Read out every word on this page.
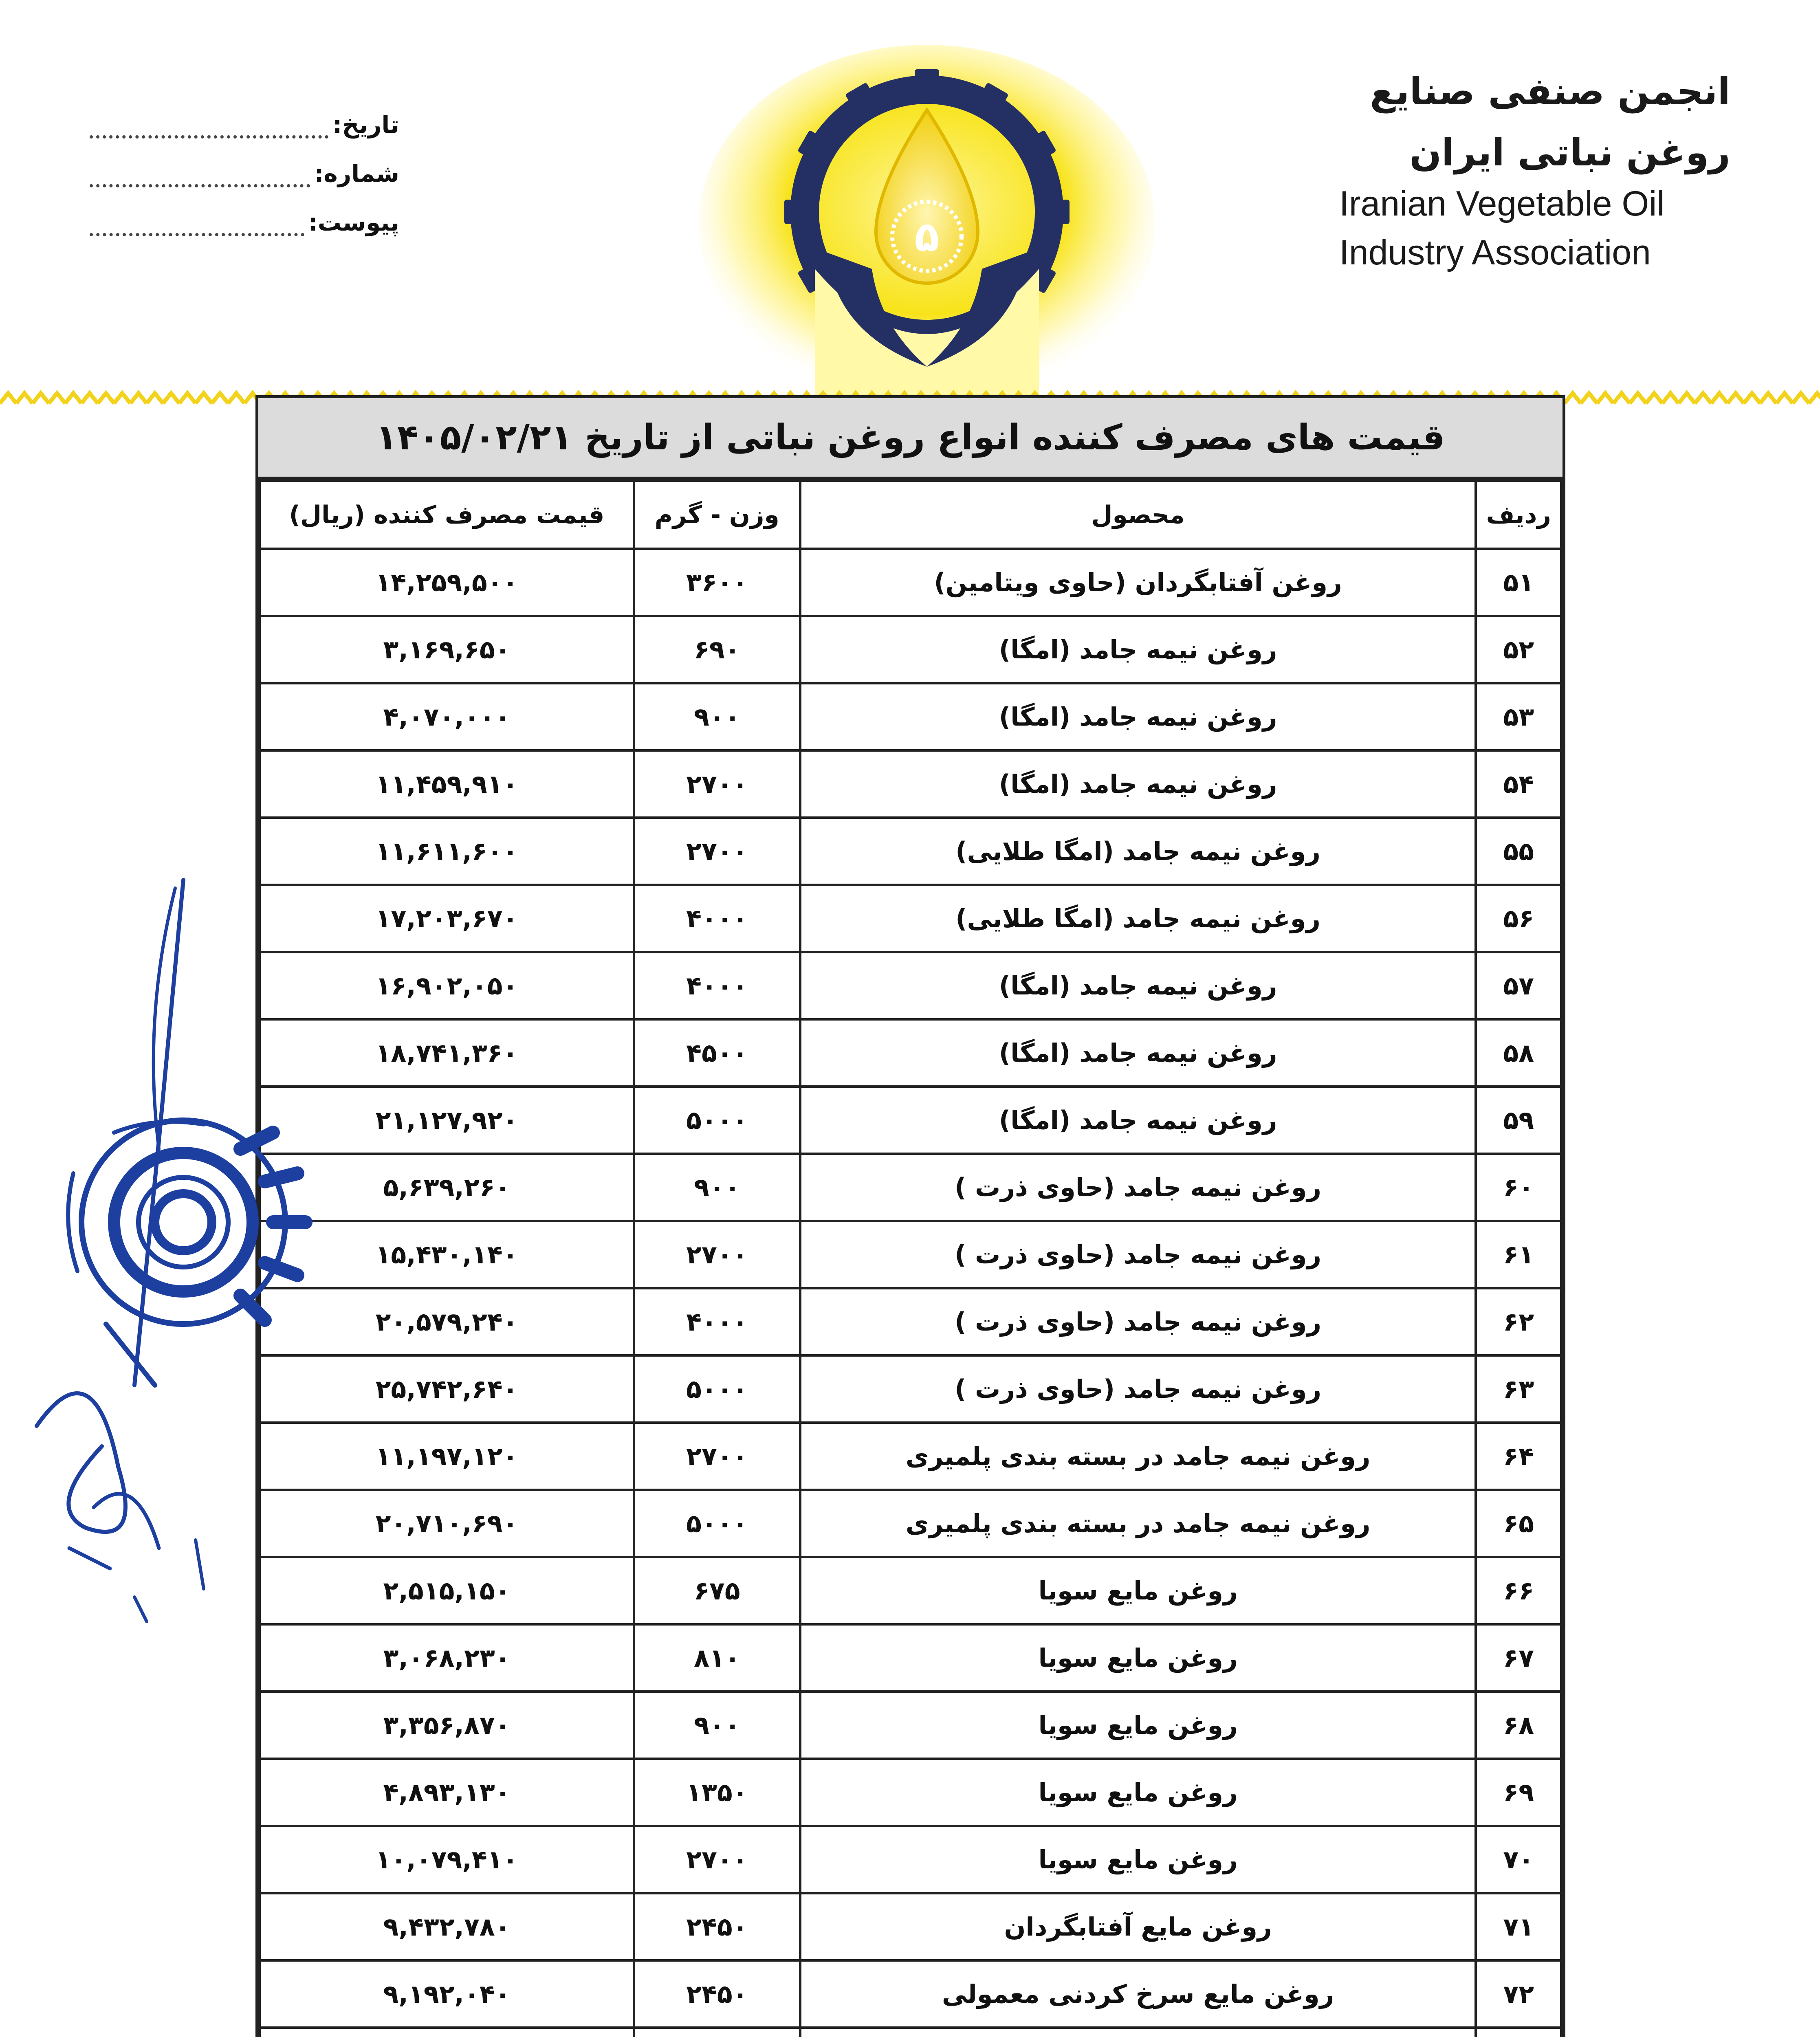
انجمن صنفی صنایع
روغن نباتی ایران
Iranian Vegetable Oil
Industry Association
تاریخ:
شماره:
پیوست:	۵
قیمت های مصرف کننده انواع روغن نباتی از تاریخ ۱۴۰۵/۰۲/۲۱
ردیف	محصول	وزن - گرم	قیمت مصرف کننده (ریال)
۵۱	روغن آفتابگردان (حاوی ویتامین)	۳۶۰۰	۱۴,۲۵۹,۵۰۰
۵۲	روغن نیمه جامد (امگا)	۶۹۰	۳,۱۶۹,۶۵۰
۵۳	روغن نیمه جامد (امگا)	۹۰۰	۴,۰۷۰,۰۰۰
۵۴	روغن نیمه جامد (امگا)	۲۷۰۰	۱۱,۴۵۹,۹۱۰
۵۵	روغن نیمه جامد (امگا طلایی)	۲۷۰۰	۱۱,۶۱۱,۶۰۰
۵۶	روغن نیمه جامد (امگا طلایی)	۴۰۰۰	۱۷,۲۰۳,۶۷۰
۵۷	روغن نیمه جامد (امگا)	۴۰۰۰	۱۶,۹۰۲,۰۵۰
۵۸	روغن نیمه جامد (امگا)	۴۵۰۰	۱۸,۷۴۱,۳۶۰
۵۹	روغن نیمه جامد (امگا)	۵۰۰۰	۲۱,۱۲۷,۹۲۰
۶۰	روغن نیمه جامد (حاوی ذرت )	۹۰۰	۵,۶۳۹,۲۶۰
۶۱	روغن نیمه جامد (حاوی ذرت )	۲۷۰۰	۱۵,۴۳۰,۱۴۰
۶۲	روغن نیمه جامد (حاوی ذرت )	۴۰۰۰	۲۰,۵۷۹,۲۴۰
۶۳	روغن نیمه جامد (حاوی ذرت )	۵۰۰۰	۲۵,۷۴۲,۶۴۰
۶۴	روغن نیمه جامد در بسته بندی پلمیری	۲۷۰۰	۱۱,۱۹۷,۱۲۰
۶۵	روغن نیمه جامد در بسته بندی پلمیری	۵۰۰۰	۲۰,۷۱۰,۶۹۰
۶۶	روغن مایع سویا	۶۷۵	۲,۵۱۵,۱۵۰
۶۷	روغن مایع سویا	۸۱۰	۳,۰۶۸,۲۳۰
۶۸	روغن مایع سویا	۹۰۰	۳,۳۵۶,۸۷۰
۶۹	روغن مایع سویا	۱۳۵۰	۴,۸۹۳,۱۳۰
۷۰	روغن مایع سویا	۲۷۰۰	۱۰,۰۷۹,۴۱۰
۷۱	روغن مایع آفتابگردان	۲۴۵۰	۹,۴۳۲,۷۸۰
۷۲	روغن مایع سرخ کردنی معمولی	۲۴۵۰	۹,۱۹۲,۰۴۰
